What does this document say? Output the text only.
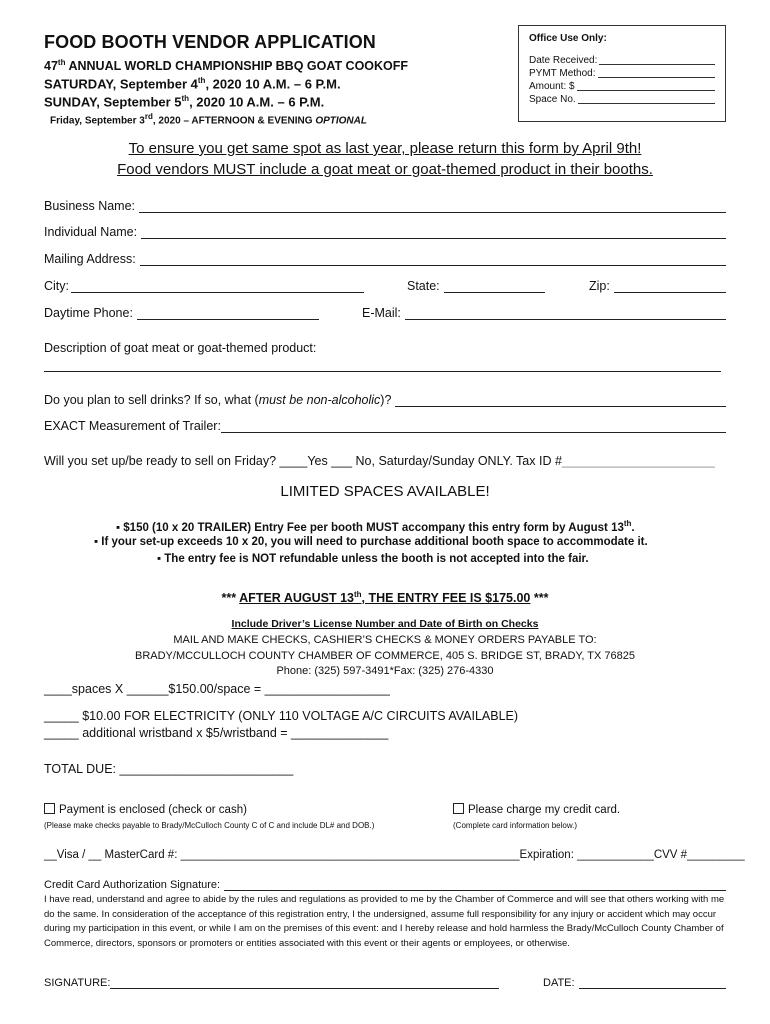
FOOD BOOTH VENDOR APPLICATION
47th ANNUAL WORLD CHAMPIONSHIP BBQ GOAT COOKOFF
SATURDAY, September 4th, 2020 10 A.M. – 6 P.M.
SUNDAY, September 5th, 2020 10 A.M. – 6 P.M.
Friday, September 3rd, 2020 – AFTERNOON & EVENING OPTIONAL
Office Use Only:
Date Received:
PYMT Method:
Amount: $
Space No.
To ensure you get same spot as last year, please return this form by April 9th!
Food vendors MUST include a goat meat or goat-themed product in their booths.
Business Name:
Individual Name:
Mailing Address:
City:	State:	Zip:
Daytime Phone:	E-Mail:
Description of goat meat or goat-themed product:
Do you plan to sell drinks? If so, what (must be non-alcoholic)?
EXACT Measurement of Trailer:
Will you set up/be ready to sell on Friday? ____Yes ___ No, Saturday/Sunday ONLY. Tax ID #______________________
LIMITED SPACES AVAILABLE!
▪ $150 (10 x 20 TRAILER) Entry Fee per booth MUST accompany this entry form by August 13th.
▪ If your set-up exceeds 10 x 20, you will need to purchase additional booth space to accommodate it.
▪ The entry fee is NOT refundable unless the booth is not accepted into the fair.
*** AFTER AUGUST 13th, THE ENTRY FEE IS $175.00 ***
Include Driver’s License Number and Date of Birth on Checks
MAIL AND MAKE CHECKS, CASHIER’S CHECKS & MONEY ORDERS PAYABLE TO:
BRADY/MCCULLOCH COUNTY CHAMBER OF COMMERCE, 405 S. BRIDGE ST, BRADY, TX 76825
Phone: (325) 597-3491*Fax: (325) 276-4330
____spaces X ______$150.00/space = __________________
_____ $10.00 FOR ELECTRICITY (ONLY 110 VOLTAGE A/C CIRCUITS AVAILABLE)
_____ additional wristband x $5/wristband = ______________
TOTAL DUE: _________________________
Payment is enclosed (check or cash)
(Please make checks payable to Brady/McCulloch County C of C and include DL# and DOB.)
Please charge my credit card.
(Complete card information below.)
__Visa / __ MasterCard #: _____________________________________________________Expiration: ____________CVV #_________
Credit Card Authorization Signature:
I have read, understand and agree to abide by the rules and regulations as provided to me by the Chamber of Commerce and will see that others working with me do the same. In consideration of the acceptance of this registration entry, I the undersigned, assume full responsibility for any injury or accident which may occur during my participation in this event, or while I am on the premises of this event: and I hereby release and hold harmless the Brady/McCulloch County Chamber of Commerce, directors, sponsors or promoters or entities associated with this event or their agents or employees, or otherwise.
SIGNATURE:	DATE:
